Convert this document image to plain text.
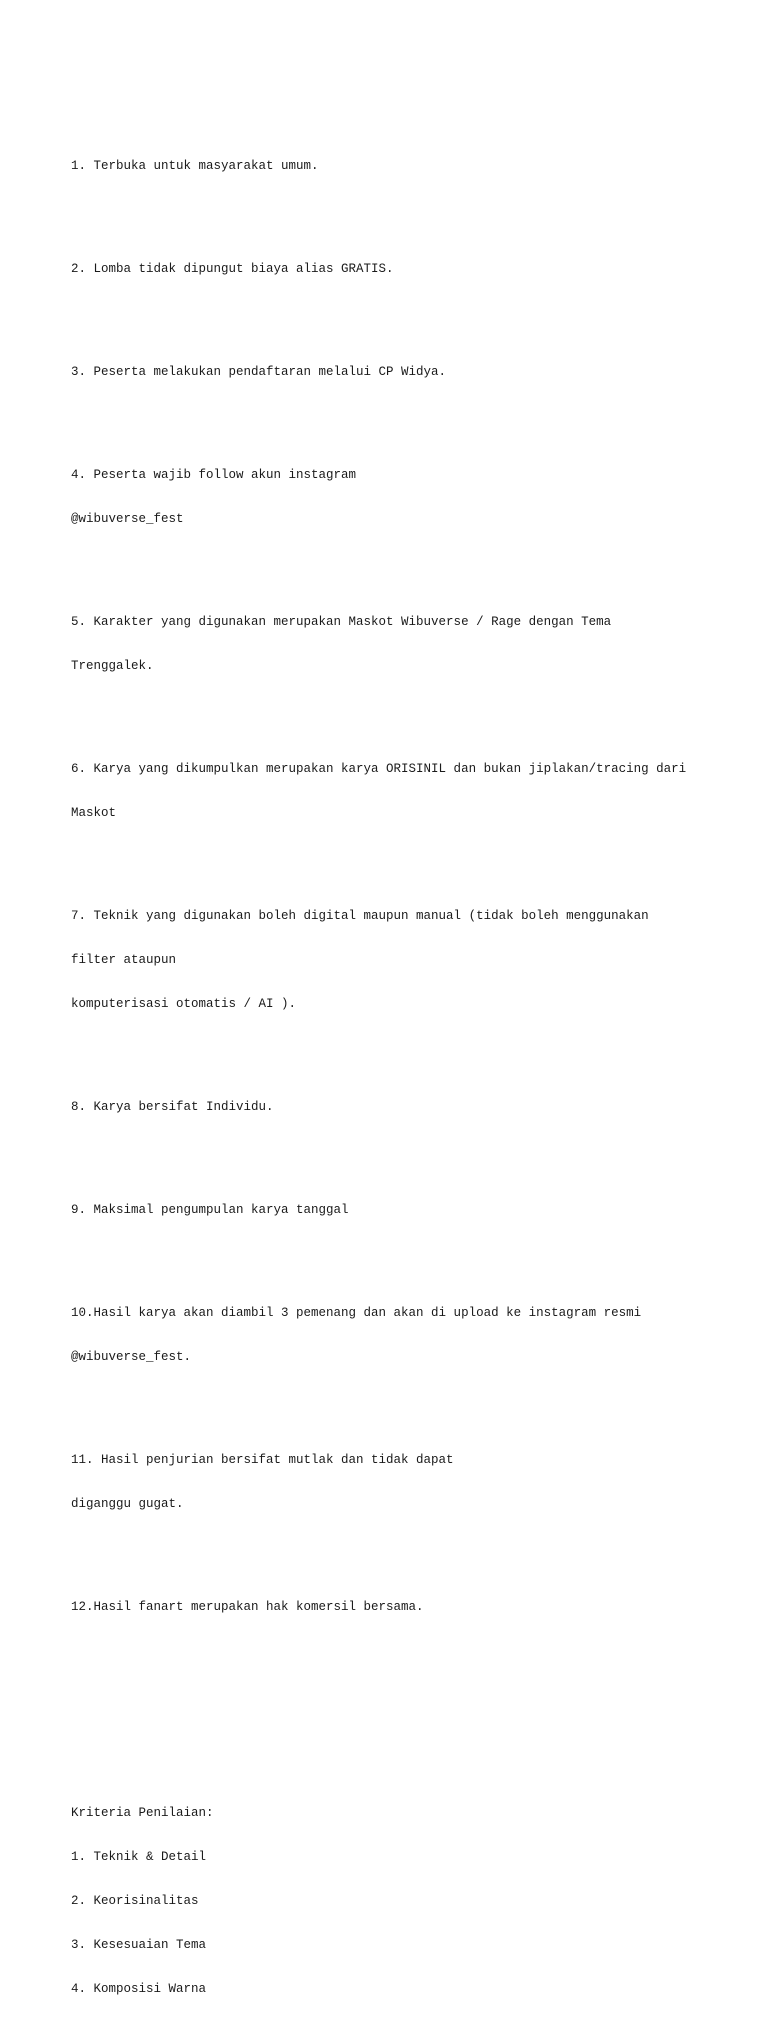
1. Terbuka untuk masyarakat umum.

2. Lomba tidak dipungut biaya alias GRATIS.

3. Peserta melakukan pendaftaran melalui CP Widya.

4. Peserta wajib follow akun instagram

@wibuverse_fest

5. Karakter yang digunakan merupakan Maskot Wibuverse / Rage dengan Tema

Trenggalek.

6. Karya yang dikumpulkan merupakan karya ORISINIL dan bukan jiplakan/tracing dari

Maskot

7. Teknik yang digunakan boleh digital maupun manual (tidak boleh menggunakan

filter ataupun

komputerisasi otomatis / AI ).

8. Karya bersifat Individu.

9. Maksimal pengumpulan karya tanggal

10.Hasil karya akan diambil 3 pemenang dan akan di upload ke instagram resmi

@wibuverse_fest.

11. Hasil penjurian bersifat mutlak dan tidak dapat

diganggu gugat.

12.Hasil fanart merupakan hak komersil bersama.

Kriteria Penilaian:

1. Teknik & Detail

2. Keorisinalitas

3. Kesesuaian Tema

4. Komposisi Warna
